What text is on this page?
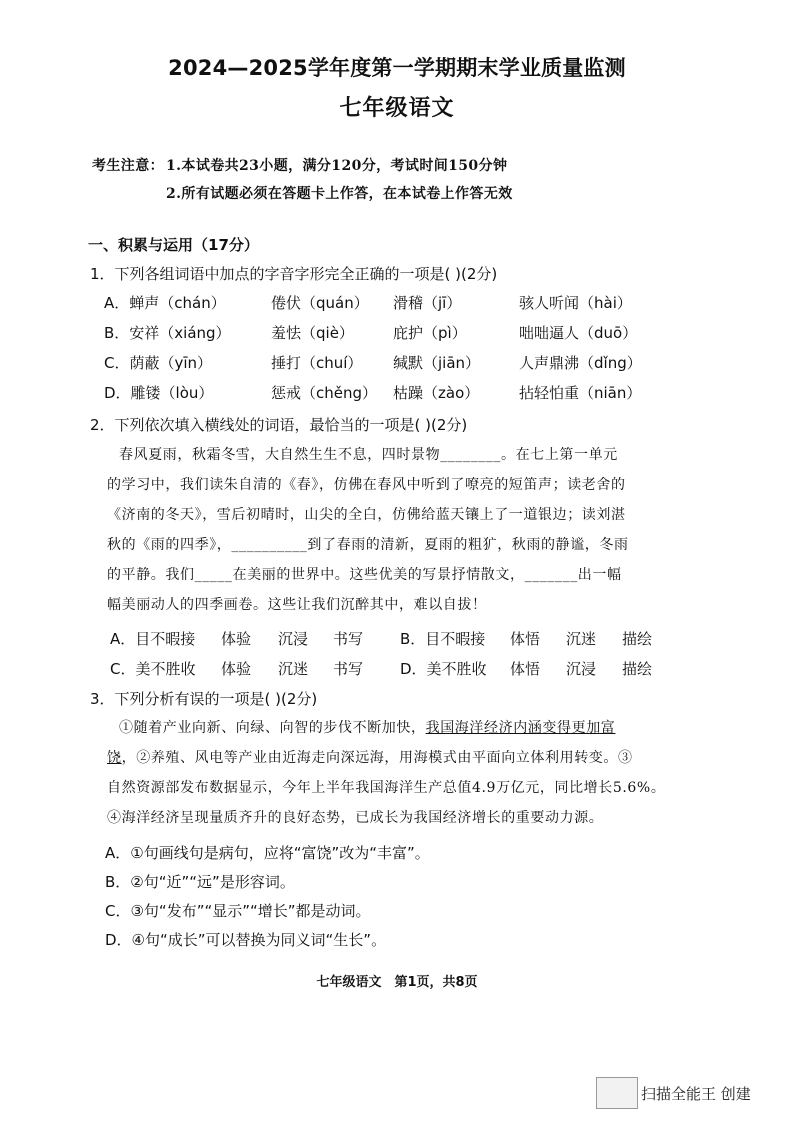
2024—2025学年度第一学期期末学业质量监测
七年级语文
考生注意： 1.本试卷共23小题，满分120分，考试时间150分钟
2.所有试题必须在答题卡上作答，在本试卷上作答无效
一、积累与运用（17分）
1．下列各组词语中加点的字音字形完全正确的一项是( )(2分)
A．蝉声（chán）	倦伏（quán） 滑稽（jī）	骇人听闻（hài）
B．安祥（xiáng）	羞怯（qiè）	庇护（pì）	咄咄逼人（duō）
C．荫蔽（yīn）	捶打（chuí） 缄默（jiān）	人声鼎沸（dǐng）
D．雕镂（lòu）	惩戒（chěng） 枯躁（zào）	拈轻怕重（niān）
2．下列依次填入横线处的词语，最恰当的一项是( )(2分)
春风夏雨，秋霜冬雪，大自然生生不息，四时景物________。在七上第一单元
的学习中，我们读朱自清的《春》，仿佛在春风中听到了嘹亮的短笛声；读老舍的
《济南的冬天》，雪后初晴时，山尖的全白，仿佛给蓝天镶上了一道银边；读刘湛
秋的《雨的四季》，__________到了春雨的清新，夏雨的粗犷，秋雨的静谧，冬雨
的平静。我们_____在美丽的世界中。这些优美的写景抒情散文，_______出一幅
幅美丽动人的四季画卷。这些让我们沉醉其中，难以自拔！
A．目不暇接 体验 沉浸 书写 B．目不暇接 体悟 沉迷 描绘
C．美不胜收 体验 沉迷 书写 D．美不胜收 体悟 沉浸 描绘
3．下列分析有误的一项是( )(2分)
①随着产业向新、向绿、向智的步伐不断加快，我国海洋经济内涵变得更加富
饶，②养殖、风电等产业由近海走向深远海，用海模式由平面向立体利用转变。③
自然资源部发布数据显示，今年上半年我国海洋生产总值4.9万亿元，同比增长5.6%。
④海洋经济呈现量质齐升的良好态势，已成长为我国经济增长的重要动力源。
A．①句画线句是病句，应将“富饶”改为“丰富”。
B．②句“近”“远”是形容词。
C．③句“发布”“显示”“增长”都是动词。
D．④句“成长”可以替换为同义词“生长”。
七年级语文　第1页，共8页
扫描全能王 创建
